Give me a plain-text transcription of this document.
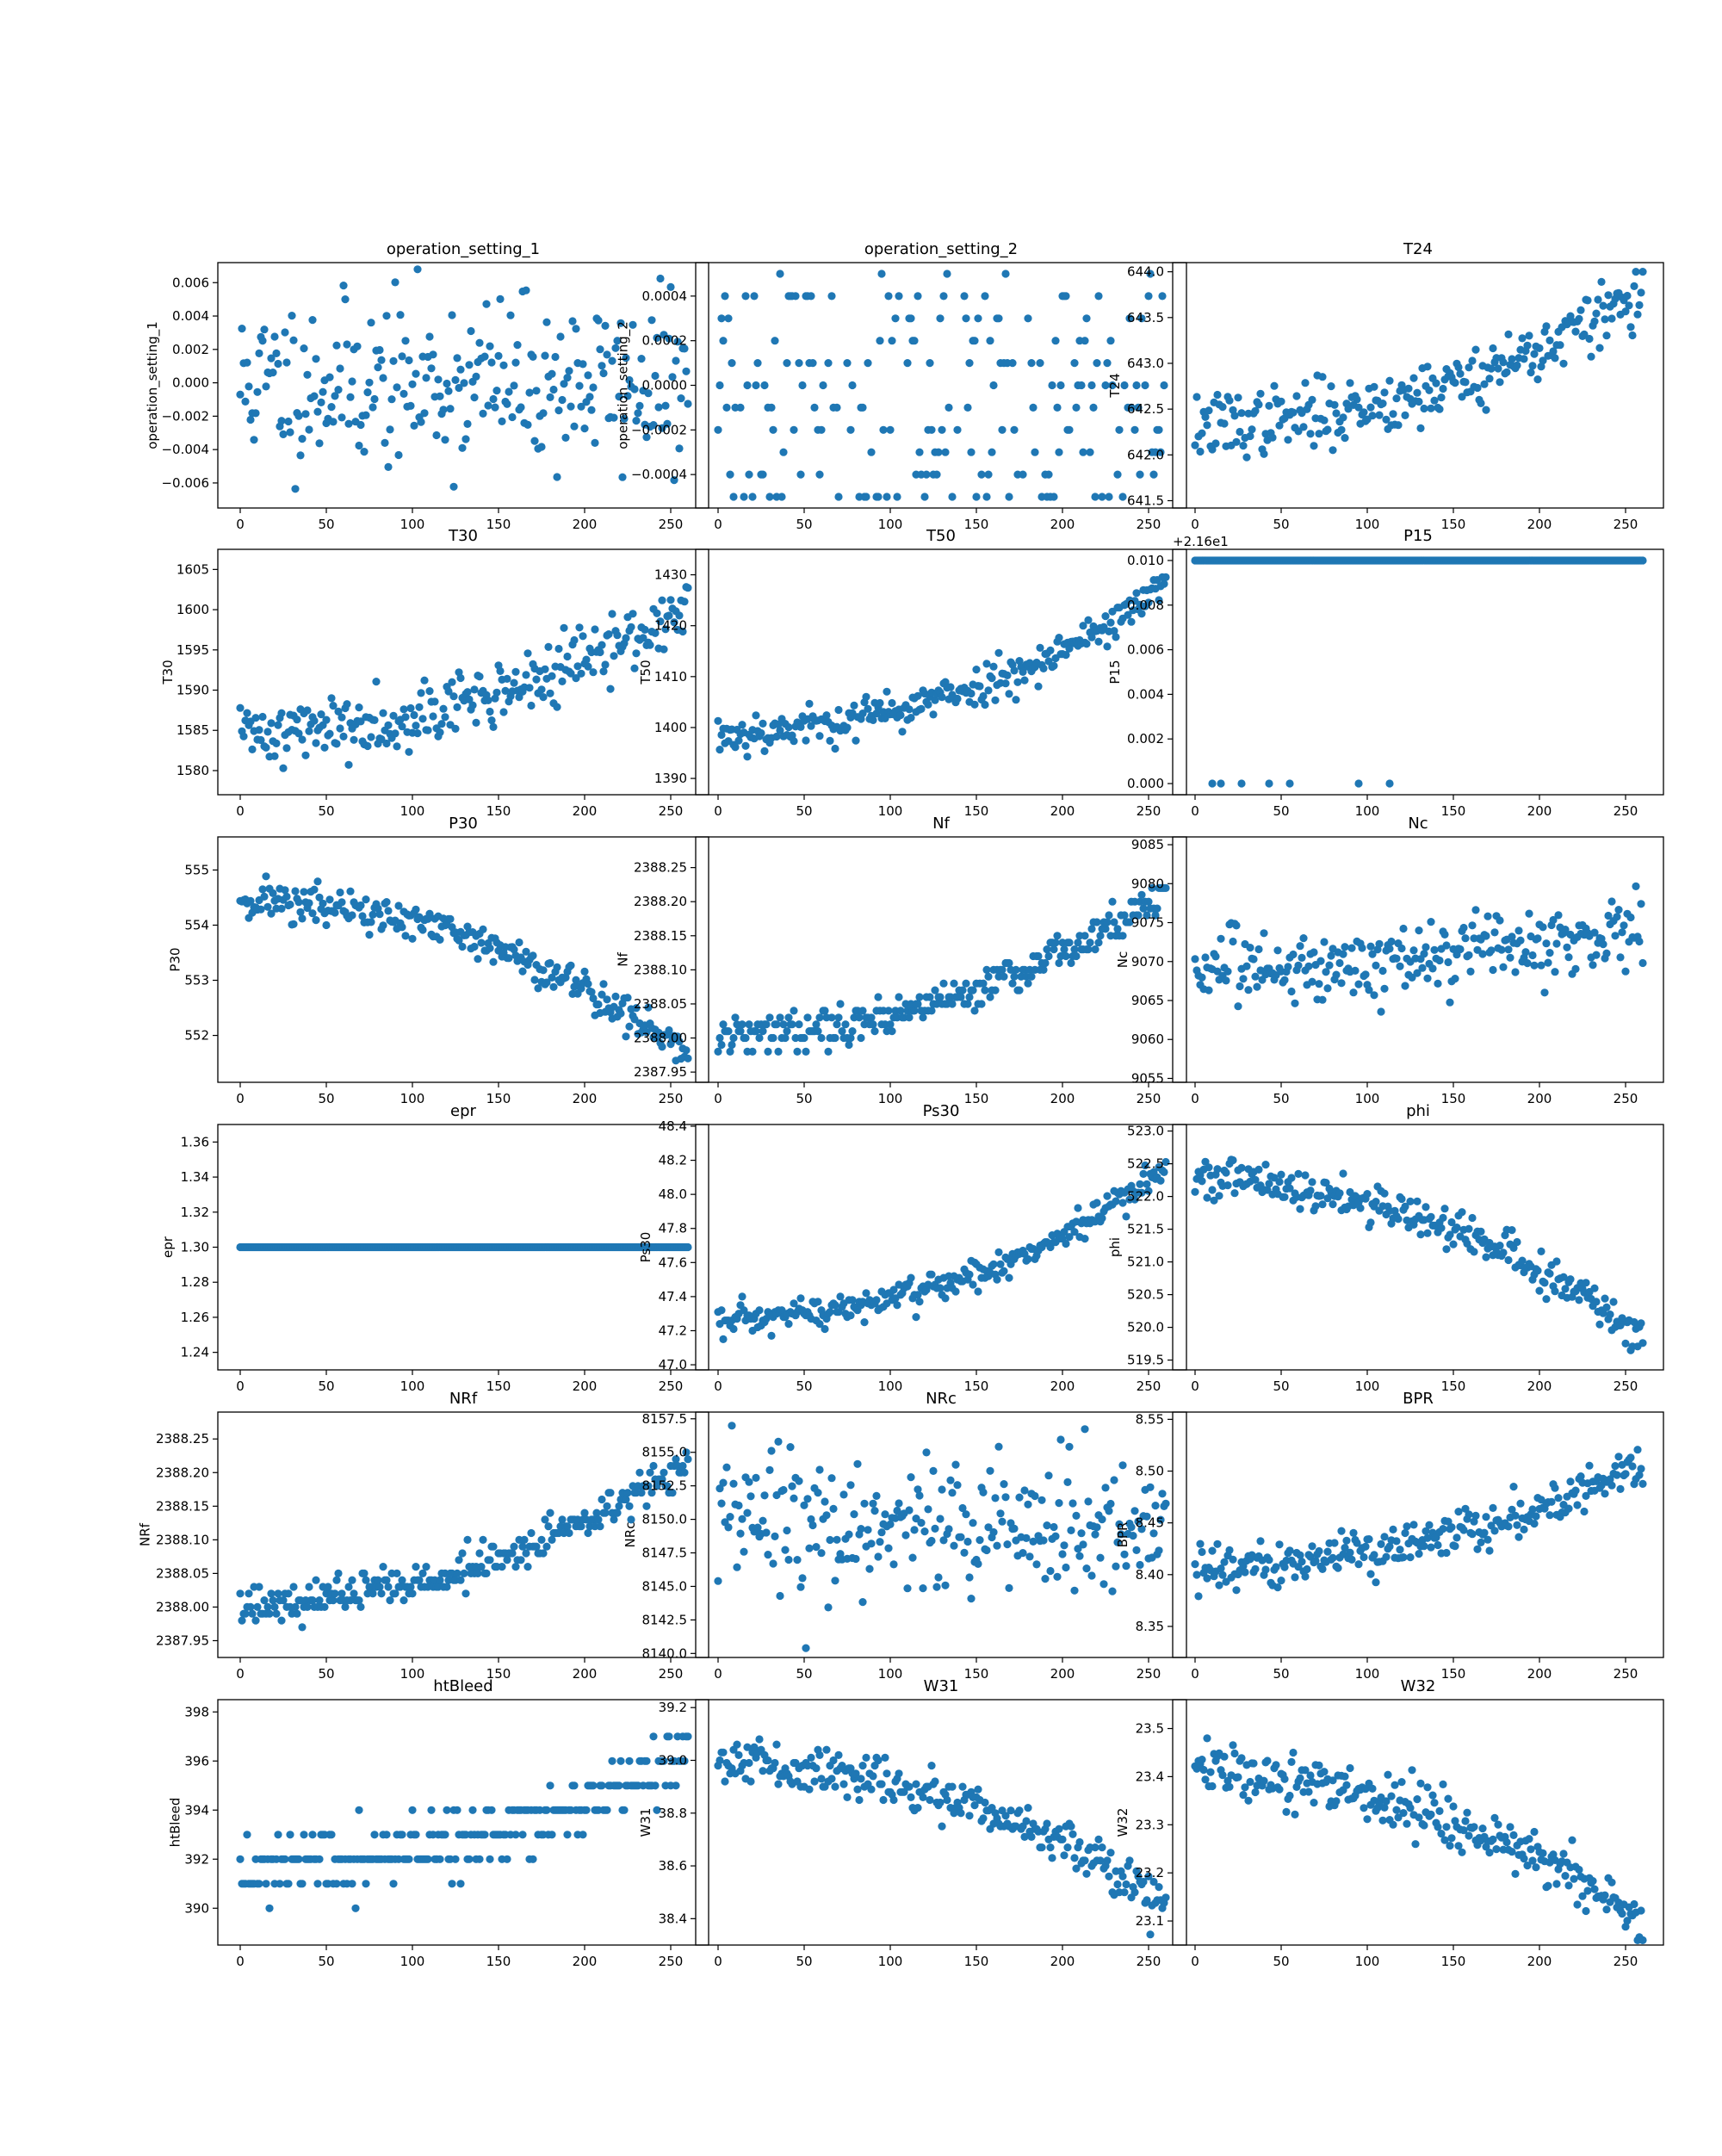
0	50	100	150	200	250
−0.006
−0.004
−0.002
0.000
0.002
0.004
0.006
operation_setting_1
operation_setting_1
0	50	100	150	200	250
−0.0004
−0.0002
0.0000
0.0002
0.0004
operation_setting_2
operation_setting_2
0	50	100	150	200	250
641.5
642.0
642.5
643.0
643.5
644.0
T24
T24
0	50	100	150	200	250
1580
1585
1590
1595
1600
1605
T30
T30
0	50	100	150	200	250
1390
1400
1410
1420
1430
T50
T50
0	50	100	150	200	250
0.000
0.002
0.004
0.006
0.008
0.010
P15
P15
+2.16e1
0	50	100	150	200	250
552
553
554
555
P30
P30
0	50	100	150	200	250
2387.95
2388.00
2388.05
2388.10
2388.15
2388.20
2388.25
Nf
Nf
0	50	100	150	200	250
9055
9060
9065
9070
9075
9080
9085
Nc
Nc
0	50	100	150	200	250
1.24
1.26
1.28
1.30
1.32
1.34
1.36
epr
epr
0	50	100	150	200	250
47.0
47.2
47.4
47.6
47.8
48.0
48.2
48.4
Ps30
Ps30
0	50	100	150	200	250
519.5
520.0
520.5
521.0
521.5
522.0
522.5
523.0
phi
phi
0	50	100	150	200	250
2387.95
2388.00
2388.05
2388.10
2388.15
2388.20
2388.25
NRf
NRf
0	50	100	150	200	250
8140.0
8142.5
8145.0
8147.5
8150.0
8152.5
8155.0
8157.5
NRc
NRc
0	50	100	150	200	250
8.35
8.40
8.45
8.50
8.55
BPR
BPR
0	50	100	150	200	250
390
392
394
396
398
htBleed
htBleed
0	50	100	150	200	250
38.4
38.6
38.8
39.0
39.2
W31
W31
0	50	100	150	200	250
23.1
23.2
23.3
23.4
23.5
W32
W32
